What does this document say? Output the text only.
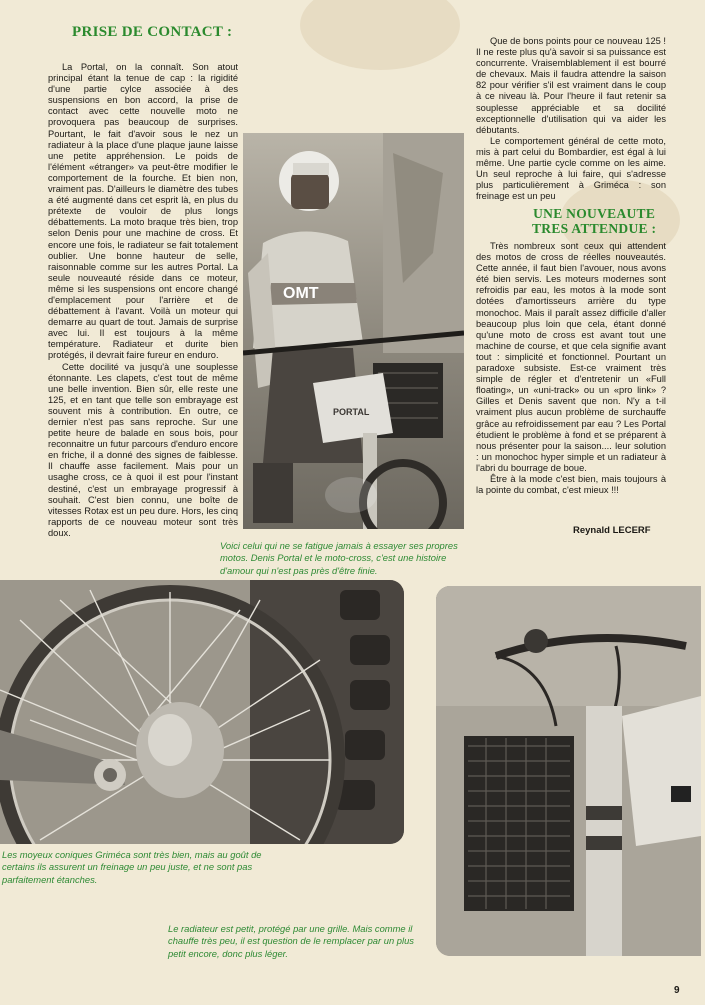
PRISE DE CONTACT :

La Portal, on la connaît. Son atout principal étant la tenue de cap : la rigidité d'une partie cylce associée à des suspensions en bon accord, la prise de contact avec cette nouvelle moto ne provoquera pas beaucoup de surprises. Pourtant, le fait d'avoir sous le nez un radiateur à la place d'une plaque jaune laisse une petite appréhension. Le poids de l'élément «étranger» va peut-être modifier le comportement de la fourche. Et bien non, vraiment pas. D'ailleurs le diamètre des tubes a été augmenté dans cet esprit là, en plus du prétexte de vouloir de plus longs débattements. La moto braque très bien, trop selon Denis pour une machine de cross. Et encore une fois, le radiateur se fait totalement oublier. Une bonne hauteur de selle, raisonnable comme sur les autres Portal. La seule nouveauté réside dans ce moteur, même si les suspensions ont encore changé d'emplacement pour l'arrière et de débattement à l'avant. Voilà un moteur qui demarre au quart de tout. Jamais de surprise avec lui. Il est toujours à la même température. Radiateur et durite bien protégés, il devrait faire fureur en enduro.

Cette docilité va jusqu'à une souplesse étonnante. Les clapets, c'est tout de même une belle invention. Bien sûr, elle reste une 125, et en tant que telle son embrayage est souvent mis à contribution. En outre, ce dernier n'est pas sans reproche. Sur une petite heure de balade en sous bois, pour reconnaitre un futur parcours d'enduro encore en friche, il a donné des signes de faiblesse. Il chauffe asse facilement. Mais pour un usaghe cross, ce à quoi il est pour l'instant destiné, c'est un embrayage progressif à souhait. C'est bien connu, une boîte de vitesses Rotax est un peu dure. Hors, les cinq rapports de ce nouveau moteur sont très doux.

OMT
PORTAL

Que de bons points pour ce nouveau 125 ! Il ne reste plus qu'à savoir si sa puissance est concurrente. Vraisemblablement il est bourré de chevaux. Mais il faudra attendre la saison 82 pour vérifier s'il est vraiment dans le coup à ce niveau là. Pour l'heure il faut retenir sa souplesse appréciable et sa docilité exceptionnelle d'utilisation qui va aider les débutants.

Le comportement général de cette moto, mis à part celui du Bombardier, est égal à lui même. Une partie cycle comme on les aime. Un seul reproche à lui faire, qui s'adresse plus particulièrement à Griméca : son freinage est un peu

UNE NOUVEAUTE
TRES ATTENDUE :

Très nombreux sont ceux qui attendent des motos de cross de réelles nouveautés. Cette année, il faut bien l'avouer, nous avons été bien servis. Les moteurs modernes sont refroidis par eau, les motos à la mode sont dotées d'amortisseurs arrière du type monochoc. Mais il paraît assez difficile d'aller beaucoup plus loin que cela, étant donné qu'une moto de cross est avant tout une machine de course, et que cela signifie avant tout : simplicité et fonctionnel. Pourtant un paradoxe subsiste. Est-ce vraiment très simple de régler et d'entretenir un «Full floating», un «uni-track» ou un «pro link» ? Gilles et Denis savent que non. N'y a t-il vraiment plus aucun problème de surchauffe grâce au refroidissement par eau ? Les Portal étudient le problème à fond et se préparent à nous présenter pour la saison.... leur solution : un monochoc hyper simple et un radiateur à l'abri du bourrage de boue.

Être à la mode c'est bien, mais toujours à la pointe du combat, c'est mieux !!!

Reynald LECERF

Voici celui qui ne se fatigue jamais à essayer ses propres motos. Denis Portal et le moto-cross, c'est une histoire d'amour qui n'est pas près d'être finie.

Les moyeux coniques Griméca sont très bien, mais au goût de certains ils assurent un freinage un peu juste, et ne sont pas parfaitement étanches.

Le radiateur est petit, protégé par une grille. Mais comme il chauffe très peu, il est question de le remplacer par un plus petit encore, donc plus léger.

9
